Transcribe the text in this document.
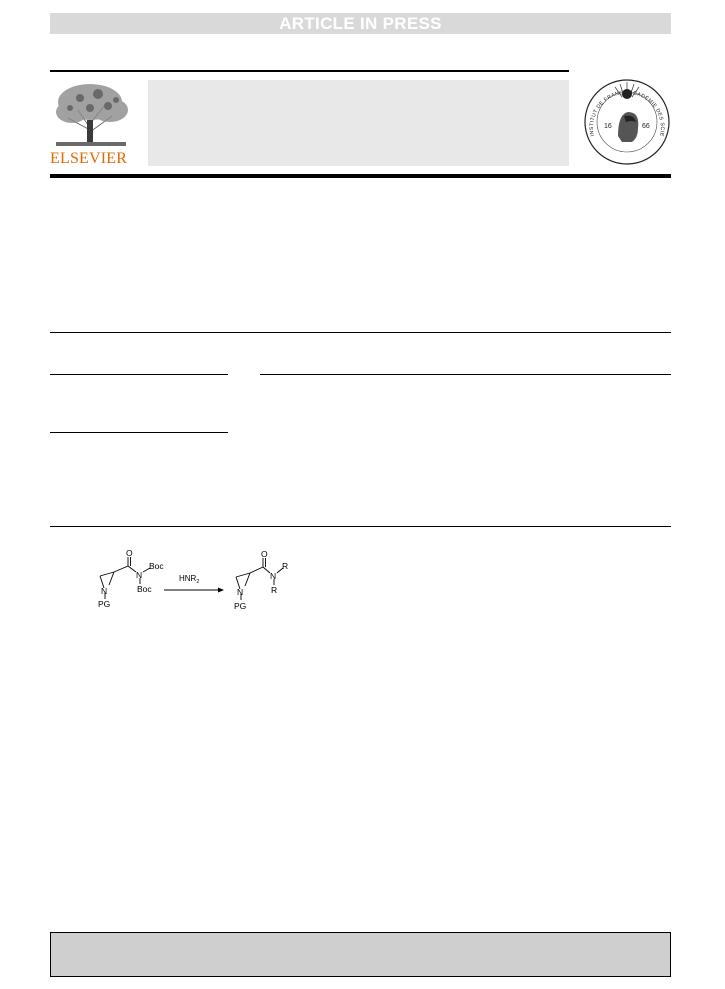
ARTICLE IN PRESS
ELSEVIER
16	66
INSTITUT DE FRANCE ACADÉMIE DES SCIE
O
N
Boc
Boc
N
PG
O
N
R
R
N
PG
$HNR_2$
